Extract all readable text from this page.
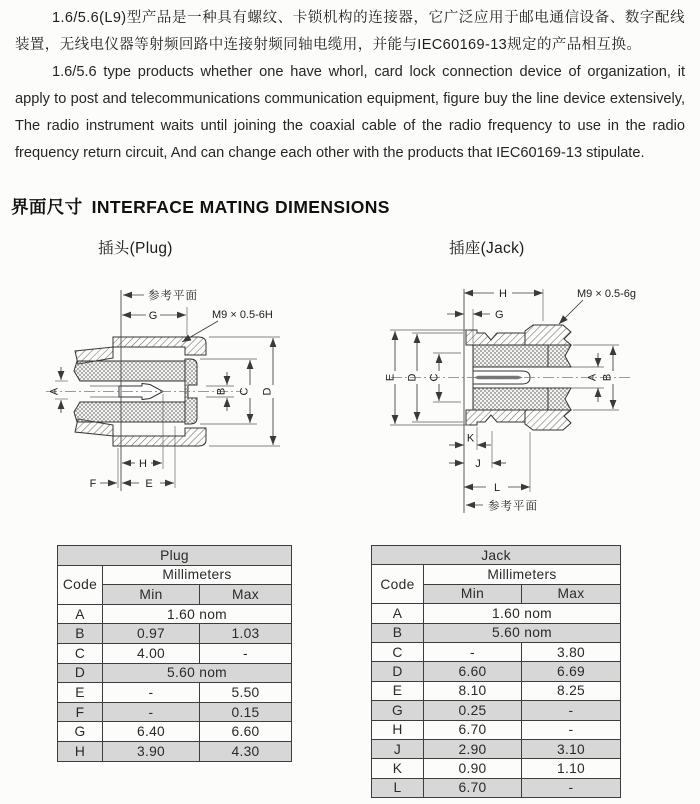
1.6/5.6(L9)型产品是一种具有螺纹、卡锁机构的连接器，它广泛应用于邮电通信设备、数字配线装置，无线电仪器等射频回路中连接射频同轴电缆用，并能与IEC60169-13规定的产品相互换。

1.6/5.6 type products whether one have whorl, card lock connection device of organization, it apply to post and telecommunications communication equipment, figure buy the line device extensively, The radio instrument waits until joining the coaxial cable of the radio frequency to use in the radio frequency return circuit, And can change each other with the products that IEC60169-13 stipulate.

界面尺寸 INTERFACE MATING DIMENSIONS
插头(Plug)	插座(Jack)
参考平面
M9 × 0.5-6H
G
A	B C D
H
E
F
H	M9 × 0.5-6g
G
E D C	A B
K
J
L
参考平面
Plug		
Code	Millimeters	
	Min	Max
A	1.60 nom	
B	0.97	1.03
C	4.00	-
D	5.60 nom	
E	-	5.50
F	-	0.15
G	6.40	6.60
H	3.90	4.30
Jack		
Code	Millimeters	
	Min	Max
A	1.60 nom	
B	5.60 nom	
C	-	3.80
D	6.60	6.69
E	8.10	8.25
G	0.25	-
H	6.70	-
J	2.90	3.10
K	0.90	1.10
L	6.70	-
